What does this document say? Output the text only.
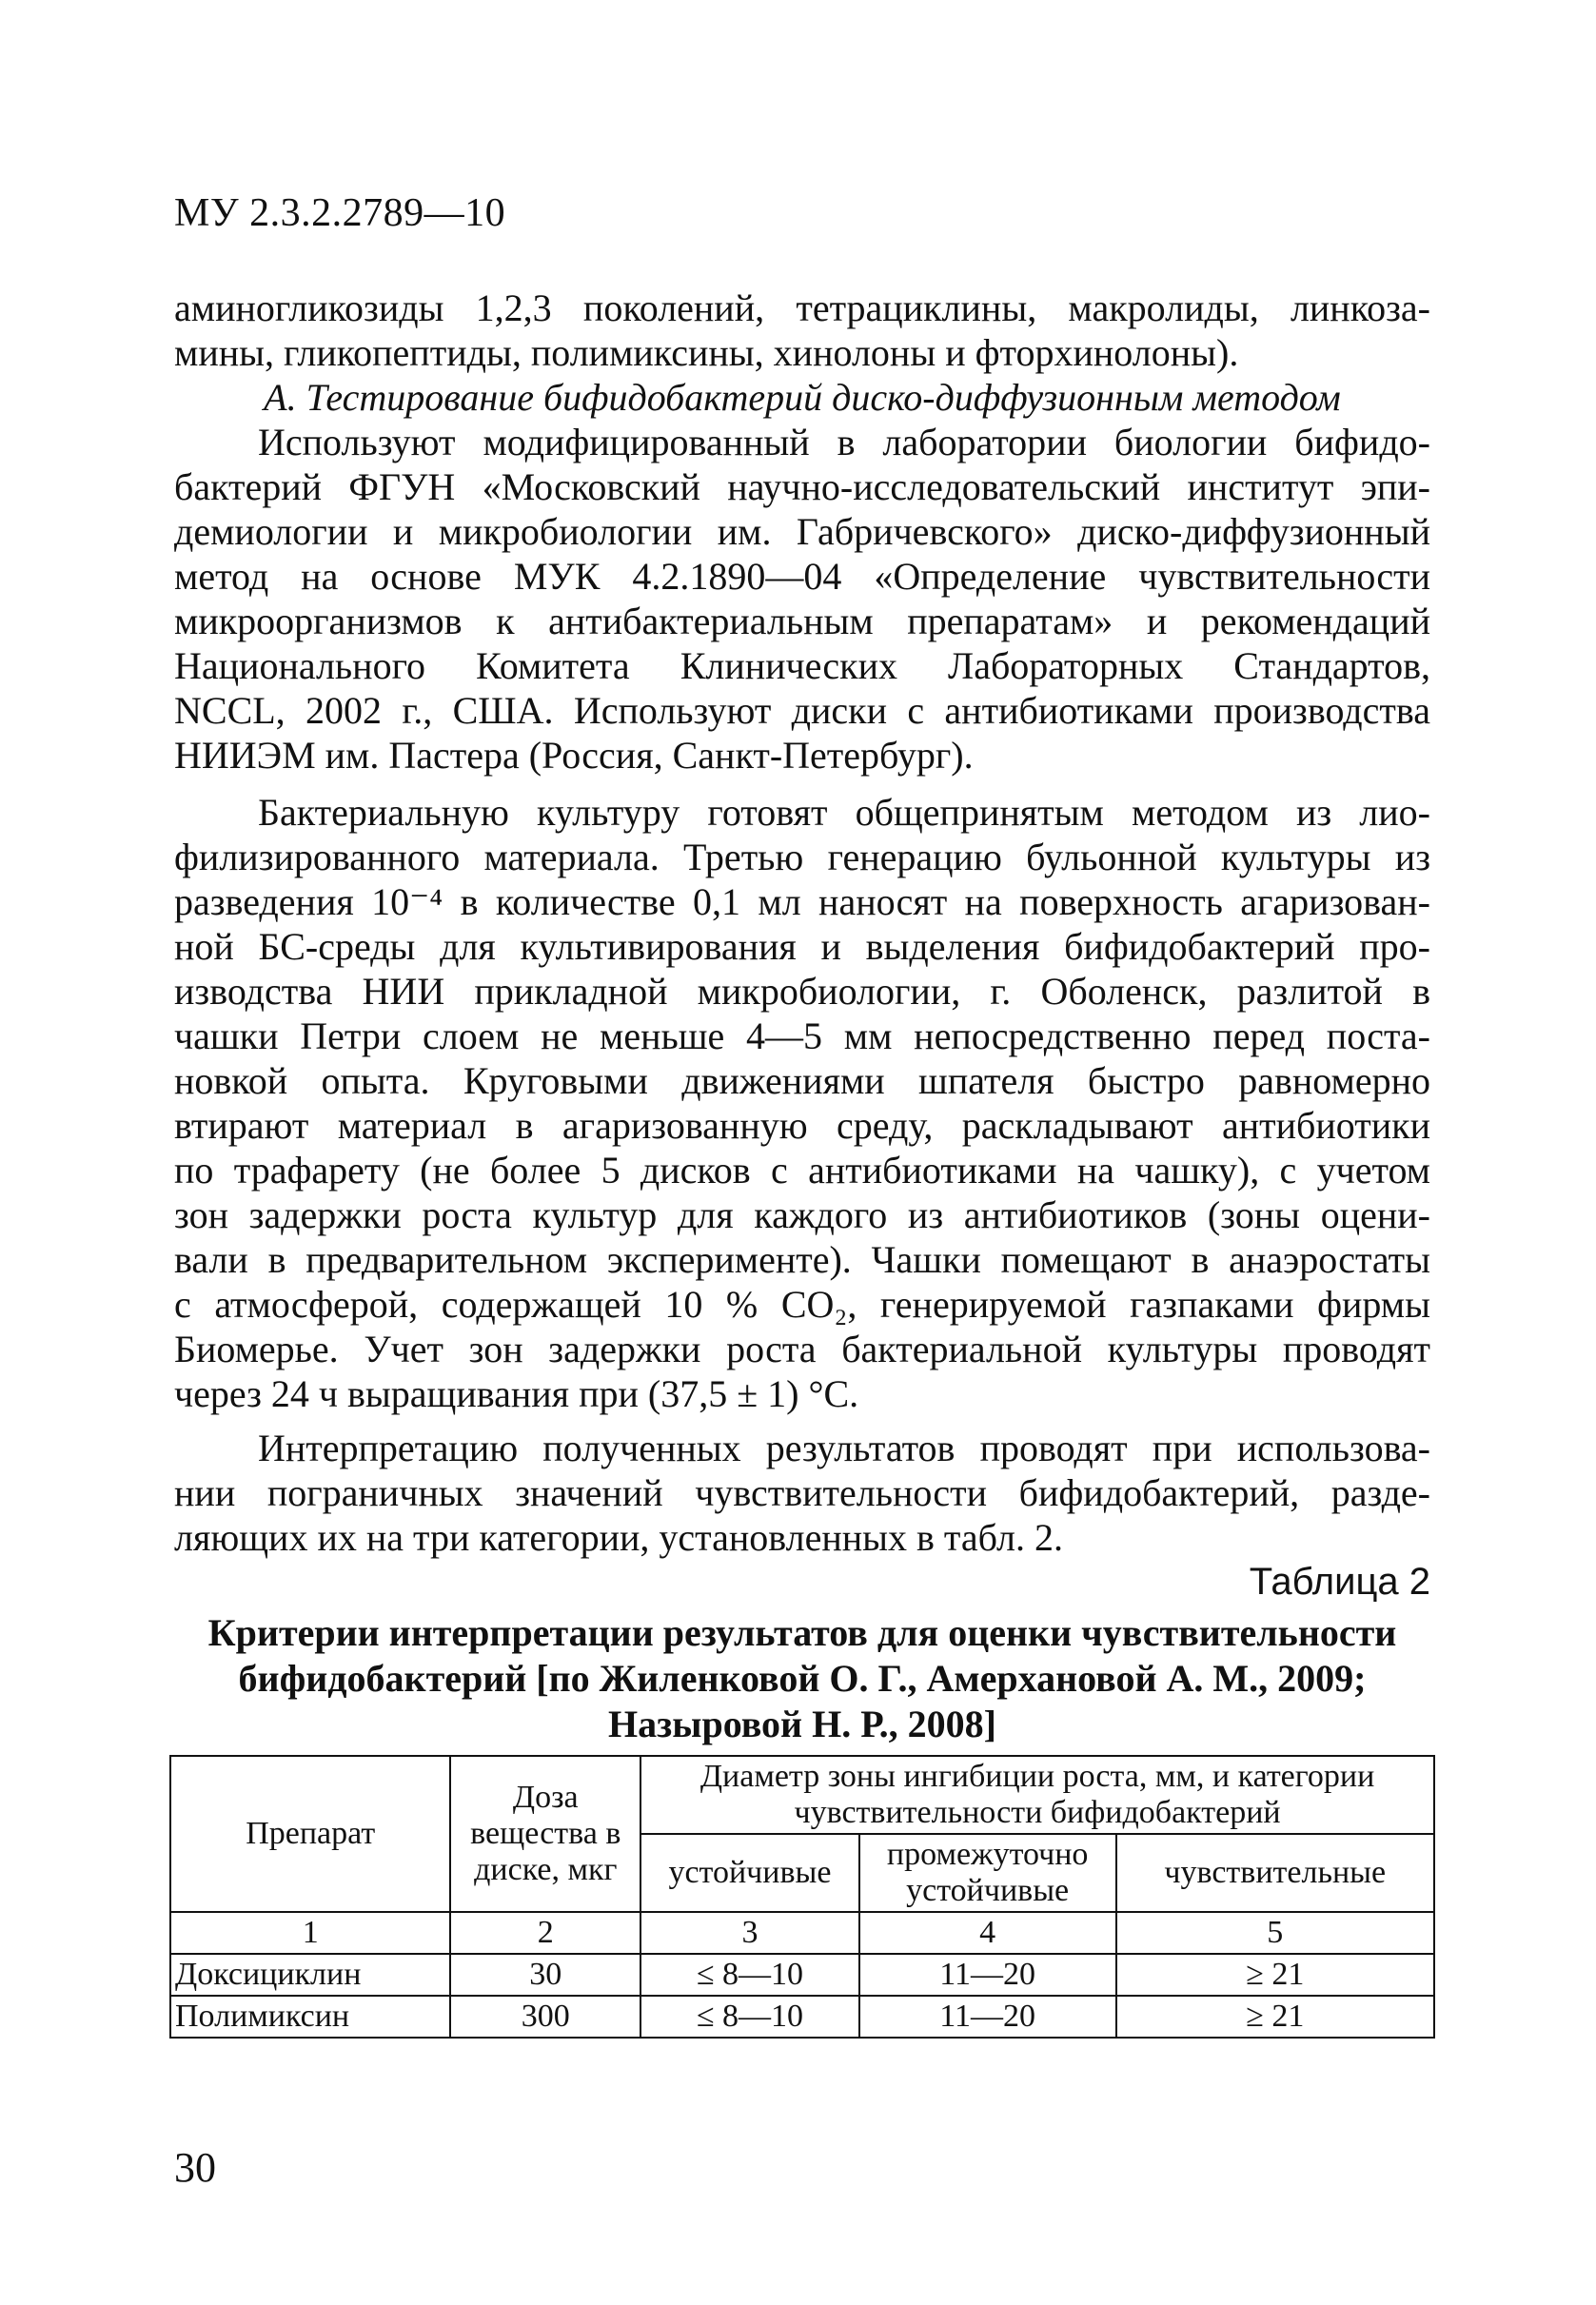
МУ 2.3.2.2789—10
аминогликозиды 1,2,3 поколений, тетрациклины, макролиды, линкоза-
мины, гликопептиды, полимиксины, хинолоны и фторхинолоны).
А. Тестирование бифидобактерий диско-диффузионным методом
Используют модифицированный в лаборатории биологии бифидо-
бактерий ФГУН «Московский научно-исследовательский институт эпи-
демиологии и микробиологии им. Габричевского» диско-диффузионный
метод на основе МУК 4.2.1890—04 «Определение чувствительности
микроорганизмов к антибактериальным препаратам» и рекомендаций
Национального Комитета Клинических Лабораторных Стандартов,
NCCL, 2002 г., США. Используют диски с антибиотиками производства
НИИЭМ им. Пастера (Россия, Санкт-Петербург).
Бактериальную культуру готовят общепринятым методом из лио-
филизированного материала. Третью генерацию бульонной культуры из
разведения 10⁻⁴ в количестве 0,1 мл наносят на поверхность агаризован-
ной БС-среды для культивирования и выделения бифидобактерий про-
изводства НИИ прикладной микробиологии, г. Оболенск, разлитой в
чашки Петри слоем не меньше 4—5 мм непосредственно перед поста-
новкой опыта. Круговыми движениями шпателя быстро равномерно
втирают материал в агаризованную среду, раскладывают антибиотики
по трафарету (не более 5 дисков с антибиотиками на чашку), с учетом
зон задержки роста культур для каждого из антибиотиков (зоны оцени-
вали в предварительном эксперименте). Чашки помещают в анаэростаты
с атмосферой, содержащей 10 % CO₂, генерируемой газпаками фирмы
Биомерье. Учет зон задержки роста бактериальной культуры проводят
через 24 ч выращивания при (37,5 ± 1) °С.
Интерпретацию полученных результатов проводят при использова-
нии пограничных значений чувствительности бифидобактерий, разде-
ляющих их на три категории, установленных в табл. 2.
Таблица 2
Критерии интерпретации результатов для оценки чувствительности
бифидобактерий [по Жиленковой О. Г., Амерхановой А. М., 2009;
Назыровой Н. Р., 2008]
Препарат	Доза вещества в диске, мкг	Диаметр зоны ингибиции роста, мм, и категории чувствительности бифидобактерий		
		устойчивые	промежуточно устойчивые	чувствительные
1	2	3	4	5
Доксициклин	30	≤ 8—10	11—20	≥ 21
Полимиксин	300	≤ 8—10	11—20	≥ 21
30
